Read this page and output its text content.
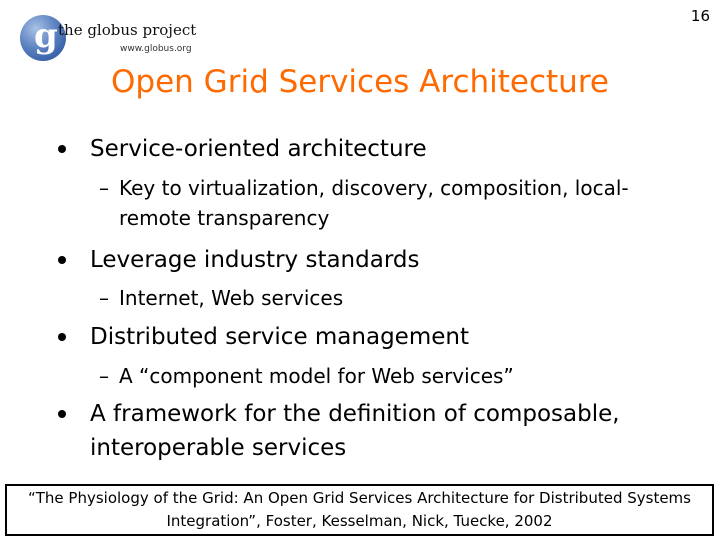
16
g the globus project
www.globus.org
Open Grid Services Architecture
Service-oriented architecture
– Key to virtualization, discovery, composition, local-remote transparency
Leverage industry standards
– Internet, Web services
Distributed service management
– A “component model for Web services”
A framework for the definition of composable, interoperable services
“The Physiology of the Grid: An Open Grid Services Architecture for Distributed Systems Integration”, Foster, Kesselman, Nick, Tuecke, 2002
